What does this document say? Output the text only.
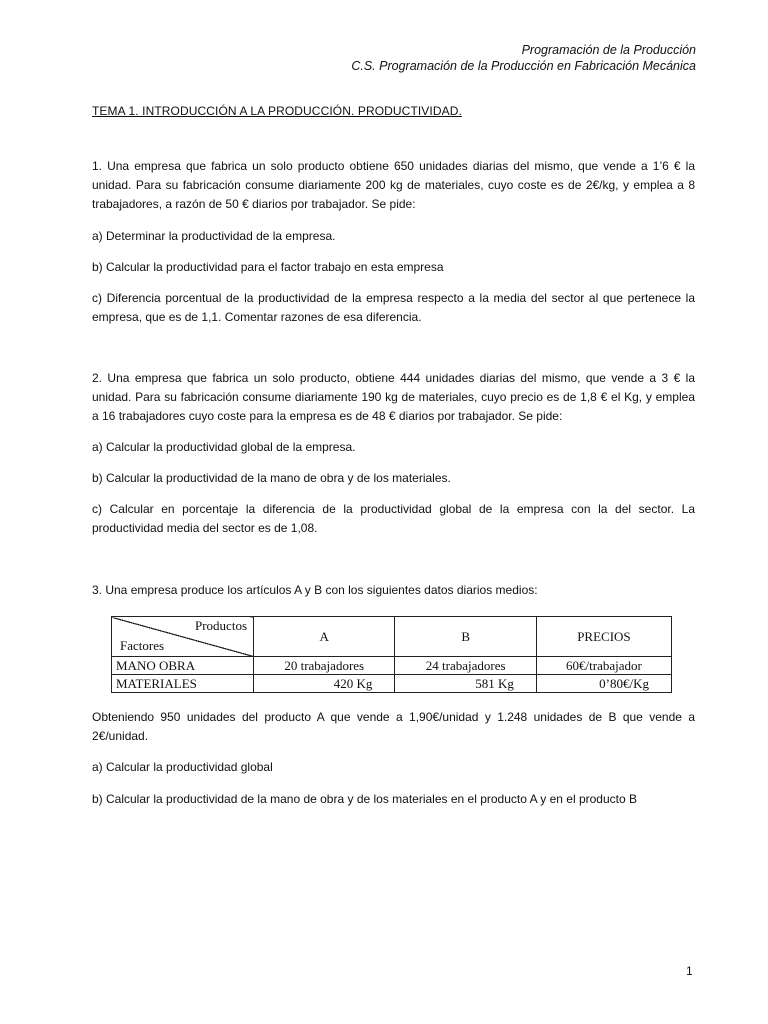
Programación de la Producción
C.S. Programación de la Producción en Fabricación Mecánica
TEMA 1. INTRODUCCIÓN A LA PRODUCCIÓN. PRODUCTIVIDAD.

1. Una empresa que fabrica un solo producto obtiene 650 unidades diarias del mismo, que vende a 1’6 € la unidad. Para su fabricación consume diariamente 200 kg de materiales, cuyo coste es de 2€/kg, y emplea a 8 trabajadores, a razón de 50 € diarios por trabajador. Se pide:

a) Determinar la productividad de la empresa.

b) Calcular la productividad para el factor trabajo en esta empresa

c) Diferencia porcentual de la productividad de la empresa respecto a la media del sector al que pertenece la empresa, que es de 1,1. Comentar razones de esa diferencia.

2. Una empresa que fabrica un solo producto, obtiene 444 unidades diarias del mismo, que vende a 3 € la unidad. Para su fabricación consume diariamente 190 kg de materiales, cuyo precio es de 1,8 € el Kg, y emplea a 16 trabajadores cuyo coste para la empresa es de 48 € diarios por trabajador. Se pide:

a) Calcular la productividad global de la empresa.

b) Calcular la productividad de la mano de obra y de los materiales.

c) Calcular en porcentaje la diferencia de la productividad global de la empresa con la del sector. La productividad media del sector es de 1,08.

3. Una empresa produce los artículos A y B con los siguientes datos diarios medios:

Productos
Factores	A	B	PRECIOS
MANO OBRA	20 trabajadores	24 trabajadores	60€/trabajador
MATERIALES	420 Kg	581 Kg	0’80€/Kg

Obteniendo 950 unidades del producto A que vende a 1,90€/unidad y 1.248 unidades de B que vende a 2€/unidad.

a) Calcular la productividad global

b) Calcular la productividad de la mano de obra y de los materiales en el producto A y en el producto B

1
